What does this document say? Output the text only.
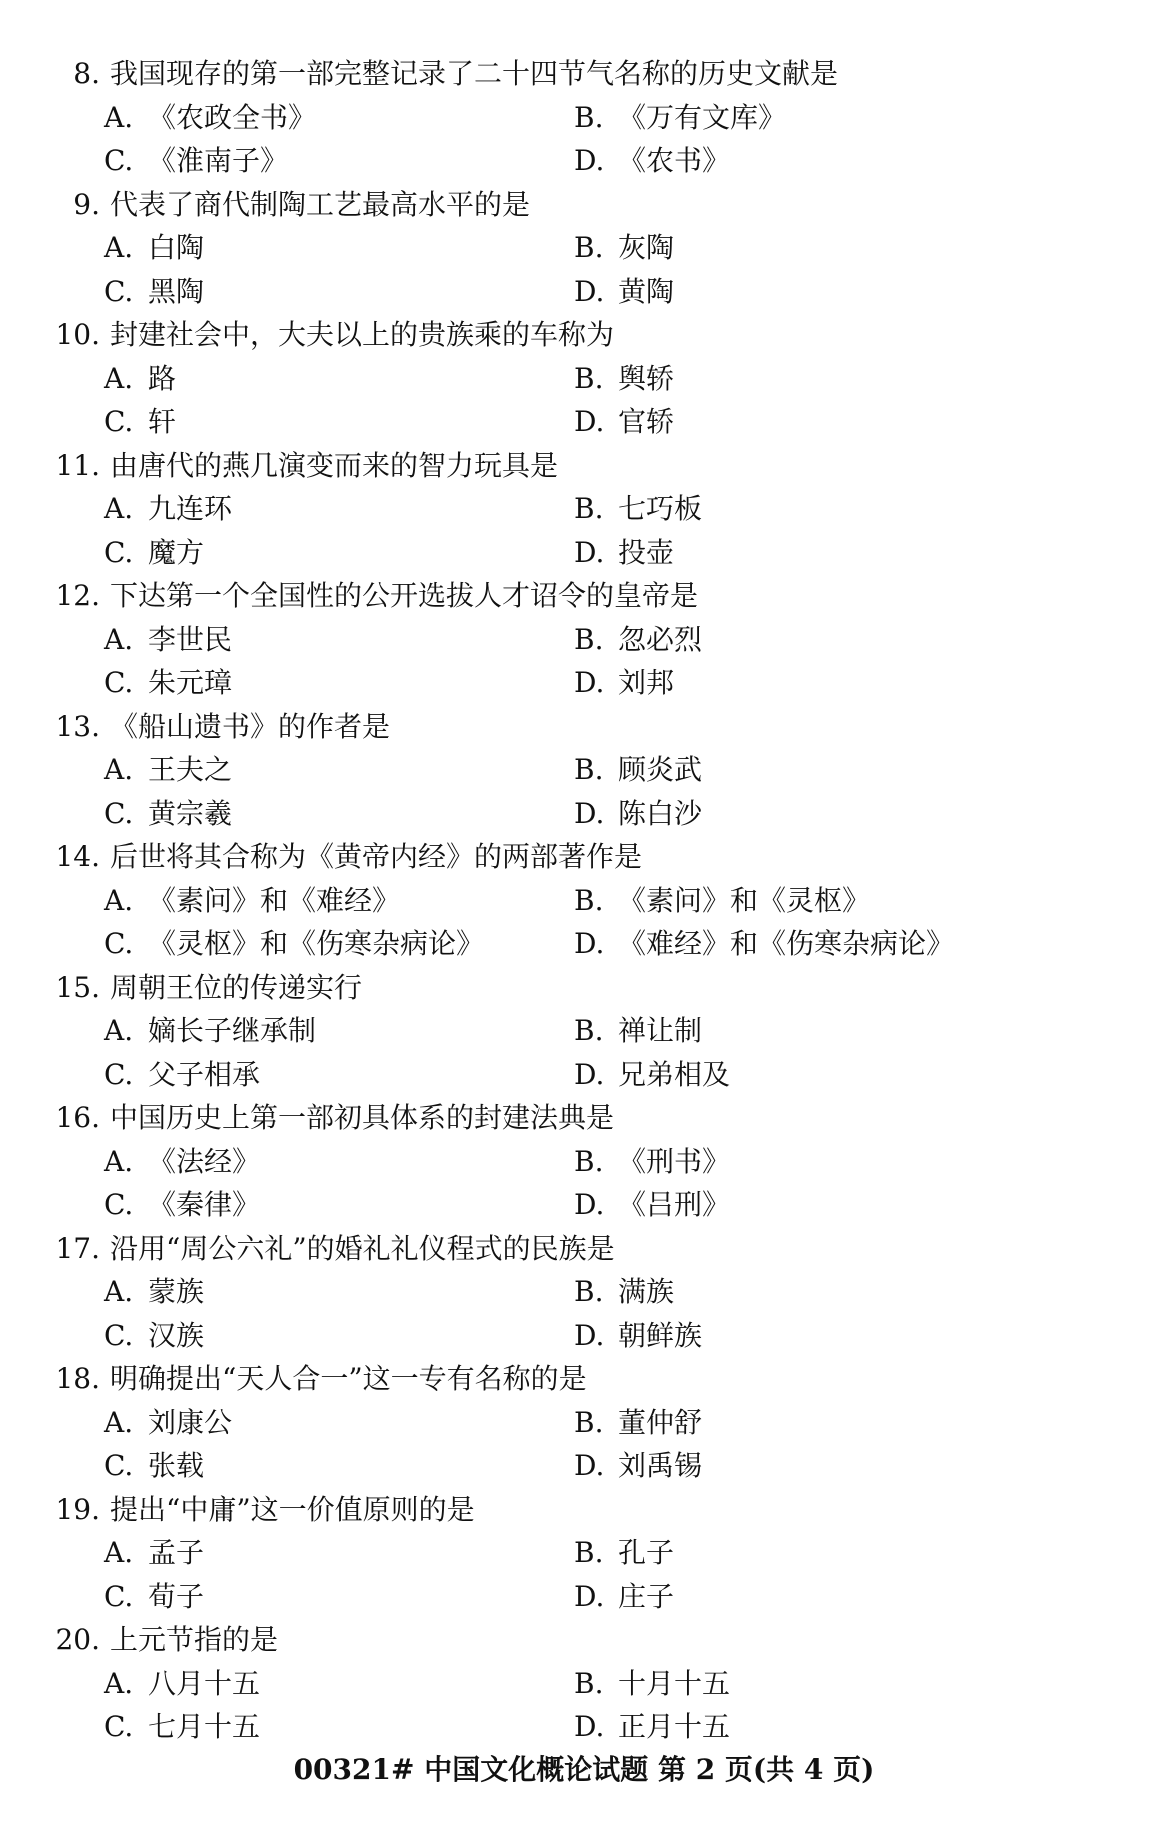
8. 我国现存的第一部完整记录了二十四节气名称的历史文献是
A. 《农政全书》	B. 《万有文库》
C. 《淮南子》	D. 《农书》
9. 代表了商代制陶工艺最高水平的是
A. 白陶	B. 灰陶
C. 黑陶	D. 黄陶
10. 封建社会中，大夫以上的贵族乘的车称为
A. 路	B. 舆轿
C. 轩	D. 官轿
11. 由唐代的燕几演变而来的智力玩具是
A. 九连环	B. 七巧板
C. 魔方	D. 投壶
12. 下达第一个全国性的公开选拔人才诏令的皇帝是
A. 李世民	B. 忽必烈
C. 朱元璋	D. 刘邦
13. 《船山遗书》的作者是
A. 王夫之	B. 顾炎武
C. 黄宗羲	D. 陈白沙
14. 后世将其合称为《黄帝内经》的两部著作是
A. 《素问》和《难经》	B. 《素问》和《灵枢》
C. 《灵枢》和《伤寒杂病论》	D. 《难经》和《伤寒杂病论》
15. 周朝王位的传递实行
A. 嫡长子继承制	B. 禅让制
C. 父子相承	D. 兄弟相及
16. 中国历史上第一部初具体系的封建法典是
A. 《法经》	B. 《刑书》
C. 《秦律》	D. 《吕刑》
17. 沿用“周公六礼”的婚礼礼仪程式的民族是
A. 蒙族	B. 满族
C. 汉族	D. 朝鲜族
18. 明确提出“天人合一”这一专有名称的是
A. 刘康公	B. 董仲舒
C. 张载	D. 刘禹锡
19. 提出“中庸”这一价值原则的是
A. 孟子	B. 孔子
C. 荀子	D. 庄子
20. 上元节指的是
A. 八月十五	B. 十月十五
C. 七月十五	D. 正月十五
00321# 中国文化概论试题 第 2 页(共 4 页)
